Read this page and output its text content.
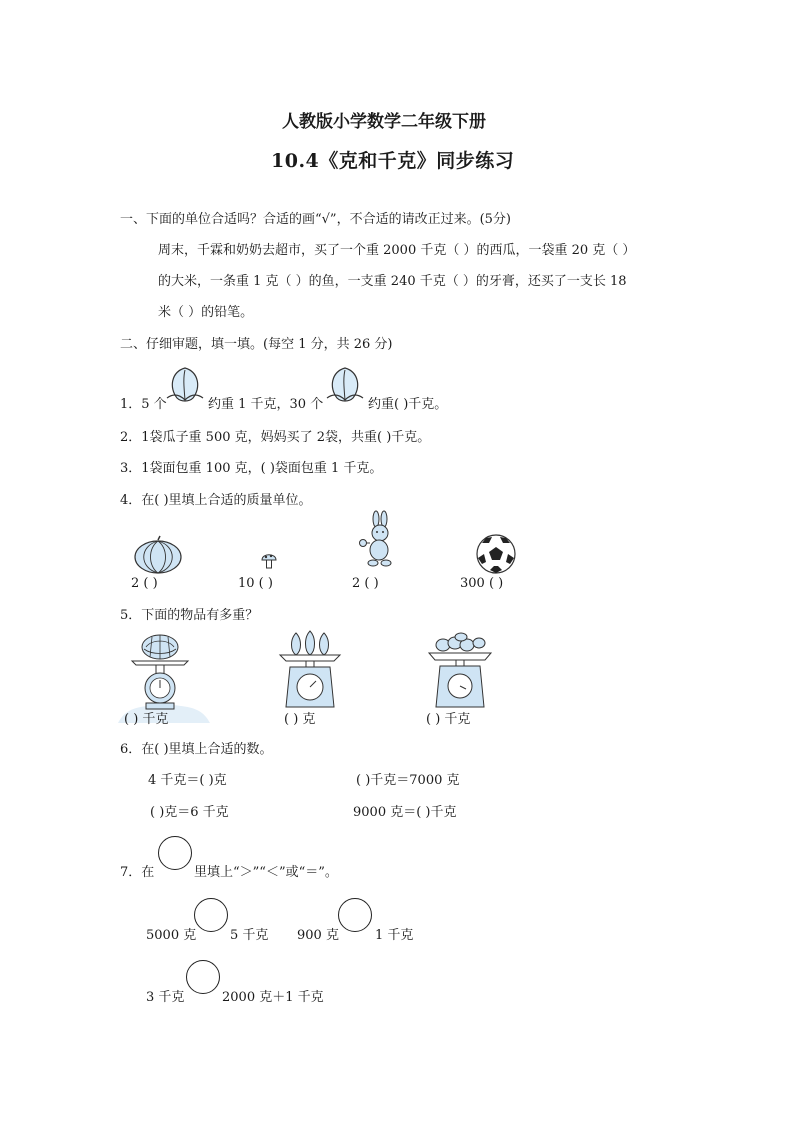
人教版小学数学二年级下册
10.4《克和千克》同步练习
一、下面的单位合适吗？合适的画“√”，不合适的请改正过来。(5分)
周末，千霖和奶奶去超市，买了一个重 2000 千克（ ）的西瓜，一袋重 20 克（ ）
的大米，一条重 1 克（ ）的鱼，一支重 240 千克（ ）的牙膏，还买了一支长 18
米（ ）的铅笔。
二、仔细审题，填一填。(每空 1 分，共 26 分)
1．5 个	约重 1 千克，30 个	约重( )千克。
2．1袋瓜子重 500 克，妈妈买了 2袋，共重( )千克。
3．1袋面包重 100 克，( )袋面包重 1 千克。
4．在( )里填上合适的质量单位。
2 ( )	10 ( )	2 ( )	300 ( )
5．下面的物品有多重？
( ) 千克	( ) 克	( ) 千克
6．在( )里填上合适的数。
4 千克＝( )克	( )千克＝7000 克
( )克＝6 千克	9000 克＝( )千克
7．在	里填上“＞”“＜”或“＝”。
5000 克	5 千克 900 克	1 千克
3 千克	2000 克＋1 千克
